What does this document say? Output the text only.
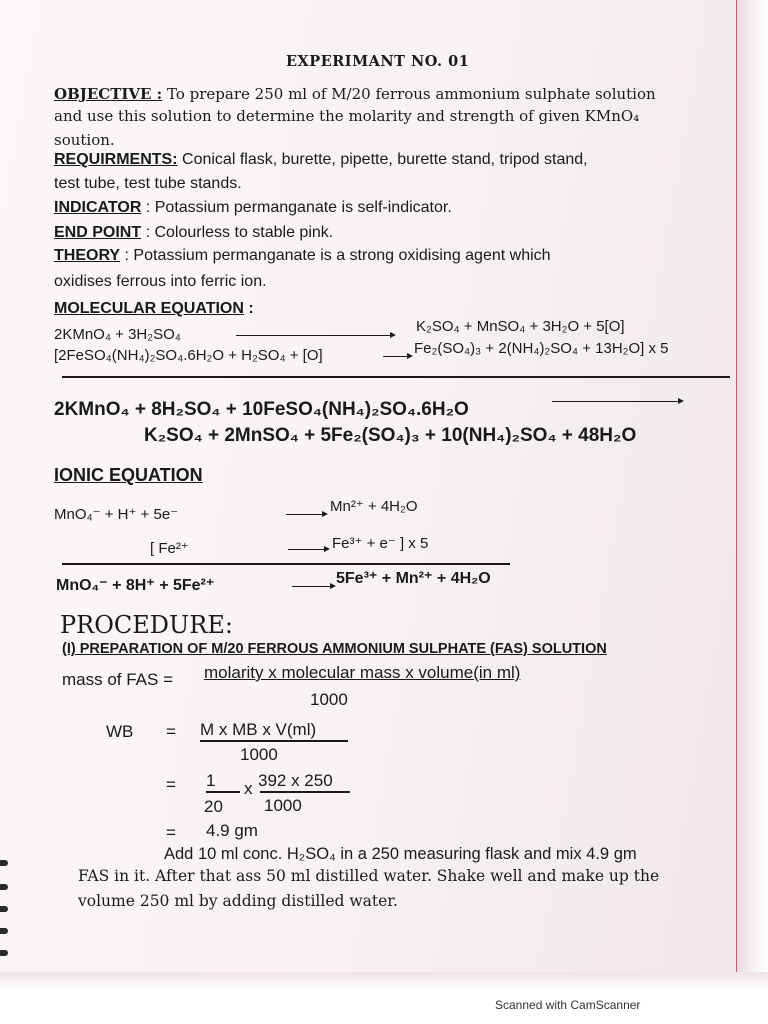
EXPERIMANT NO. 01
OBJECTIVE : To prepare 250 ml of M/20 ferrous ammonium sulphate solution
and use this solution to determine the molarity and strength of given KMnO₄
soution.
REQUIRMENTS: Conical flask, burette, pipette, burette stand, tripod stand,
test tube, test tube stands.
INDICATOR : Potassium permanganate is self-indicator.
END POINT : Colourless to stable pink.
THEORY : Potassium permanganate is a strong oxidising agent which
oxidises ferrous into ferric ion.
MOLECULAR EQUATION :
2KMnO₄ + 3H₂SO₄	K₂SO₄ + MnSO₄ + 3H₂O + 5[O]
[2FeSO₄(NH₄)₂SO₄.6H₂O + H₂SO₄ + [O]	→ Fe₂(SO₄)₃ + 2(NH₄)₂SO₄ + 13H₂O] x 5
2KMnO₄ + 8H₂SO₄ + 10FeSO₄(NH₄)₂SO₄.6H₂O
K₂SO₄ + 2MnSO₄ + 5Fe₂(SO₄)₃ + 10(NH₄)₂SO₄ + 48H₂O
IONIC EQUATION
MnO₄⁻ + H⁺ + 5e⁻	→ Mn²⁺ + 4H₂O
[ Fe²⁺	→ Fe³⁺ + e⁻ ] x 5
MnO₄⁻ + 8H⁺ + 5Fe²⁺	→ 5Fe³⁺ + Mn²⁺ + 4H₂O
PROCEDURE:
(I) PREPARATION OF M/20 FERROUS AMMONIUM SULPHATE (FAS) SOLUTION
mass of FAS = molarity x molecular mass x volume(in ml)
1000
WB = M x MB x V(ml)
1000
= 1 x 392 x 250
20 1000
= 4.9 gm
Add 10 ml conc. H₂SO₄ in a 250 measuring flask and mix 4.9 gm
FAS in it. After that ass 50 ml distilled water. Shake well and make up the
volume 250 ml by adding distilled water.
Scanned with CamScanner
